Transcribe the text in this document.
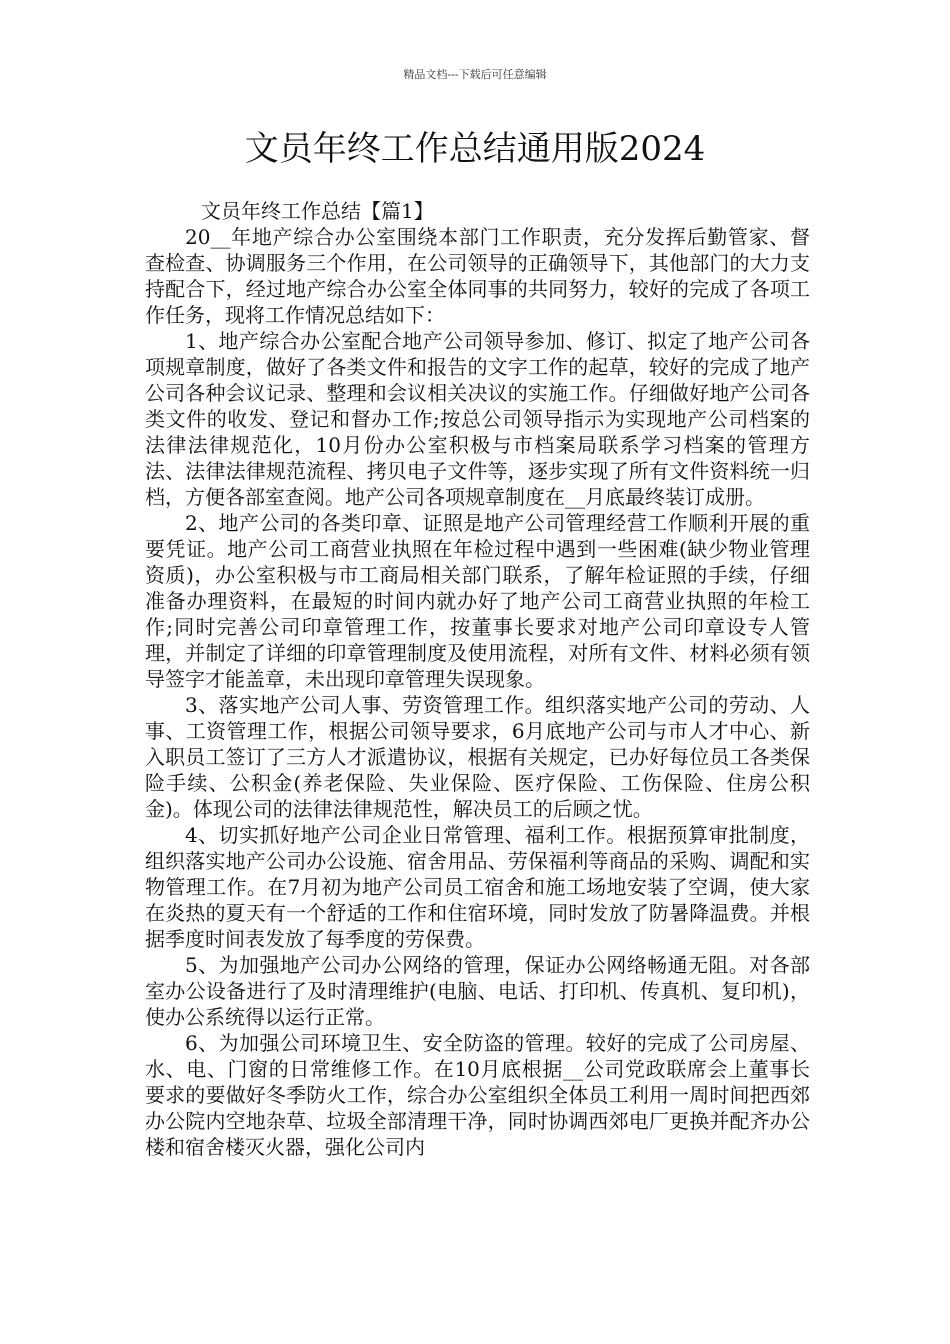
精品文档---下载后可任意编辑
文员年终工作总结通用版2024

文员年终工作总结【篇1】

20__年地产综合办公室围绕本部门工作职责，充分发挥后勤管家、督查检查、协调服务三个作用，在公司领导的正确领导下，其他部门的大力支持配合下，经过地产综合办公室全体同事的共同努力，较好的完成了各项工作任务，现将工作情况总结如下：

1、地产综合办公室配合地产公司领导参加、修订、拟定了地产公司各项规章制度，做好了各类文件和报告的文字工作的起草，较好的完成了地产公司各种会议记录、整理和会议相关决议的实施工作。仔细做好地产公司各类文件的收发、登记和督办工作;按总公司领导指示为实现地产公司档案的法律法律规范化，10月份办公室积极与市档案局联系学习档案的管理方法、法律法律规范流程、拷贝电子文件等，逐步实现了所有文件资料统一归档，方便各部室查阅。地产公司各项规章制度在__月底最终装订成册。

2、地产公司的各类印章、证照是地产公司管理经营工作顺利开展的重要凭证。地产公司工商营业执照在年检过程中遇到一些困难(缺少物业管理资质)，办公室积极与市工商局相关部门联系，了解年检证照的手续，仔细准备办理资料，在最短的时间内就办好了地产公司工商营业执照的年检工作;同时完善公司印章管理工作，按董事长要求对地产公司印章设专人管理，并制定了详细的印章管理制度及使用流程，对所有文件、材料必须有领导签字才能盖章，未出现印章管理失误现象。

3、落实地产公司人事、劳资管理工作。组织落实地产公司的劳动、人事、工资管理工作，根据公司领导要求，6月底地产公司与市人才中心、新入职员工签订了三方人才派遣协议，根据有关规定，已办好每位员工各类保险手续、公积金(养老保险、失业保险、医疗保险、工伤保险、住房公积金)。体现公司的法律法律规范性，解决员工的后顾之忧。

4、切实抓好地产公司企业日常管理、福利工作。根据预算审批制度，组织落实地产公司办公设施、宿舍用品、劳保福利等商品的采购、调配和实物管理工作。在7月初为地产公司员工宿舍和施工场地安装了空调，使大家在炎热的夏天有一个舒适的工作和住宿环境，同时发放了防暑降温费。并根据季度时间表发放了每季度的劳保费。

5、为加强地产公司办公网络的管理，保证办公网络畅通无阻。对各部室办公设备进行了及时清理维护(电脑、电话、打印机、传真机、复印机)，使办公系统得以运行正常。

6、为加强公司环境卫生、安全防盗的管理。较好的完成了公司房屋、水、电、门窗的日常维修工作。在10月底根据__公司党政联席会上董事长要求的要做好冬季防火工作，综合办公室组织全体员工利用一周时间把西郊办公院内空地杂草、垃圾全部清理干净，同时协调西郊电厂更换并配齐办公楼和宿舍楼灭火器，强化公司内
